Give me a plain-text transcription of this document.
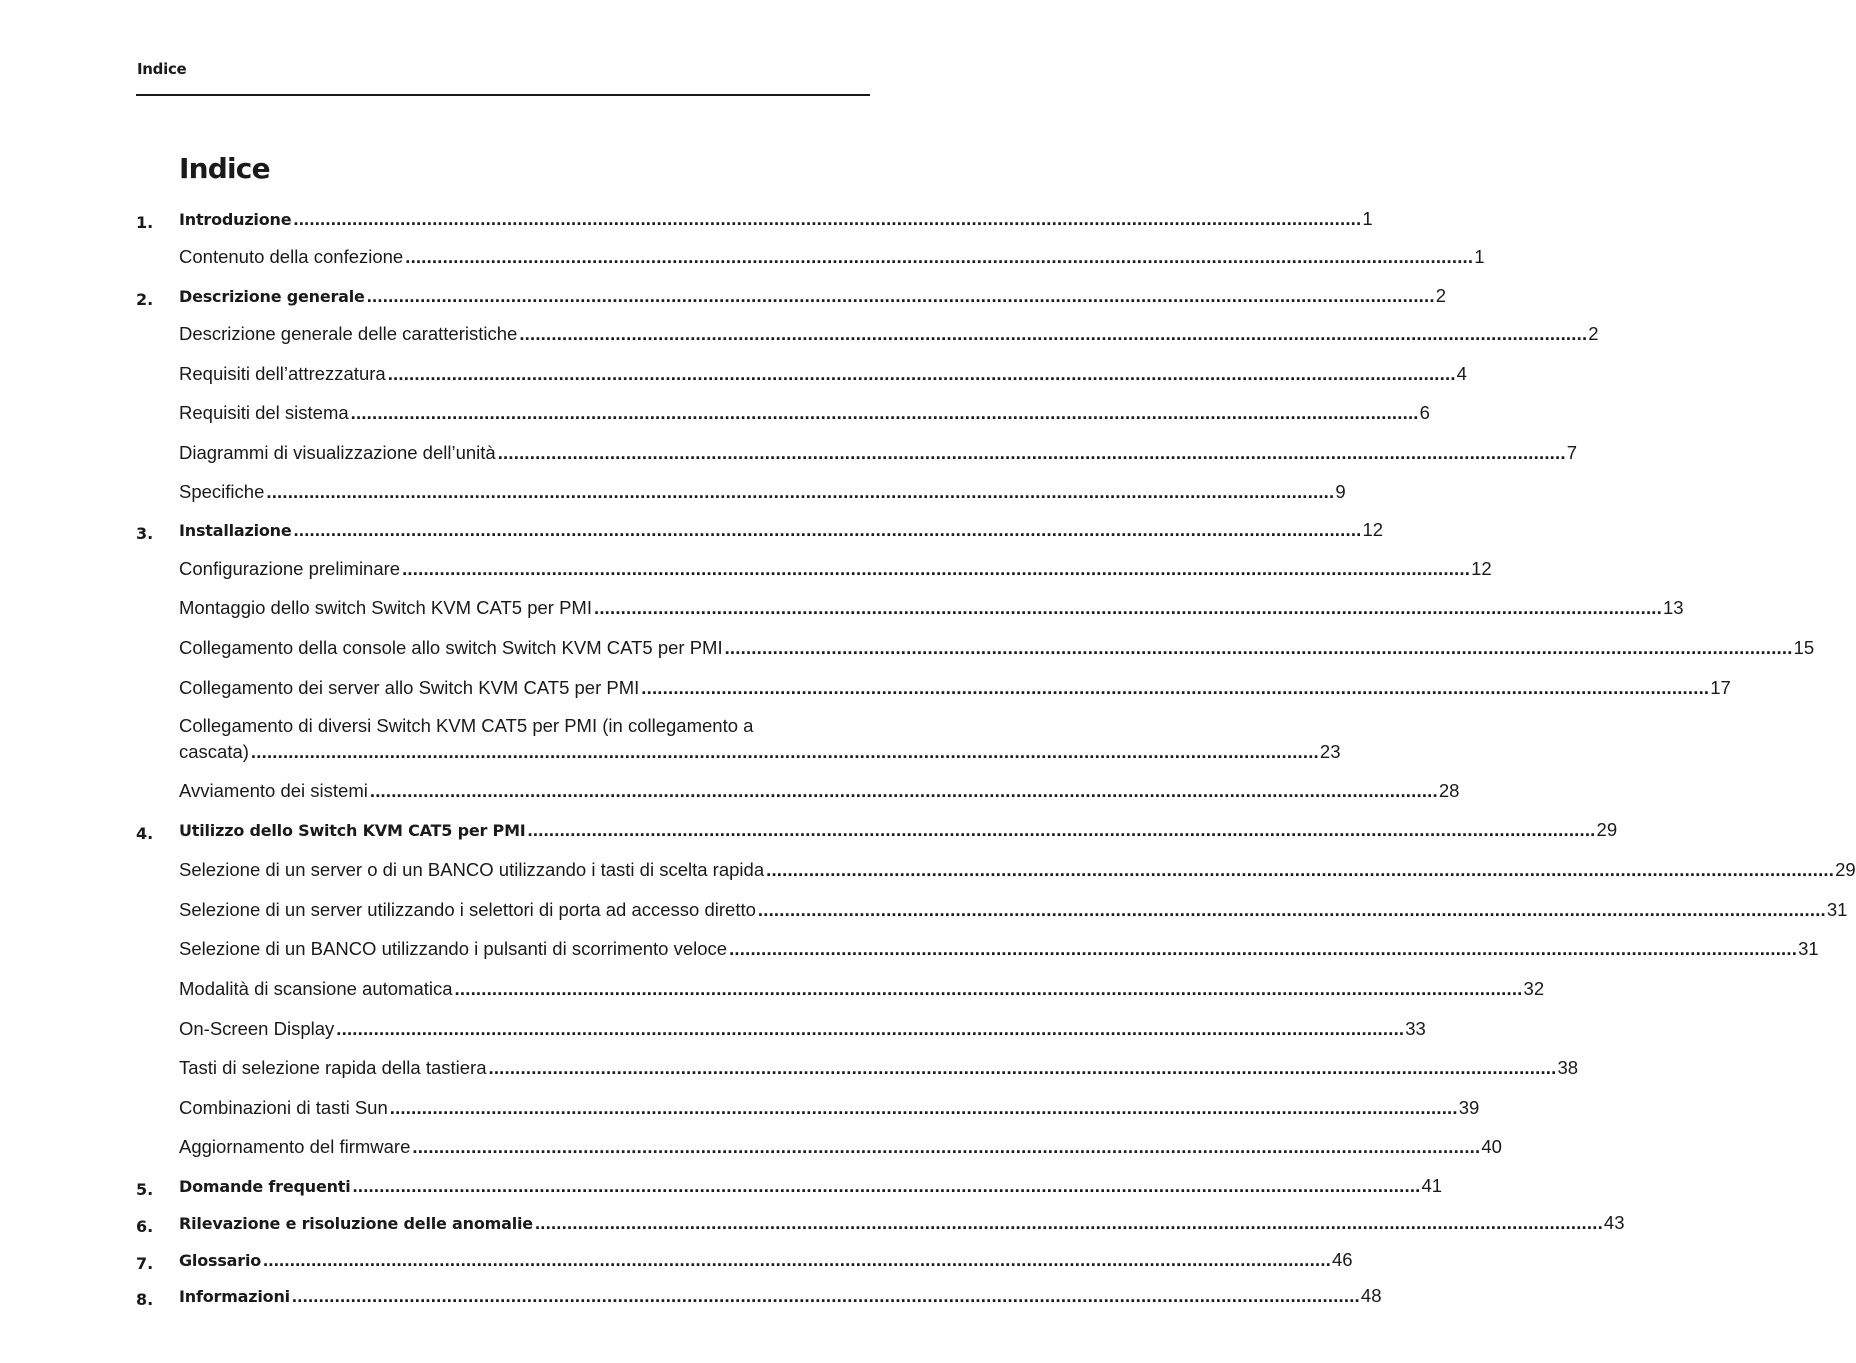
Indice
Indice
1. Introduzione ........................................................................................................................................................................................................ 1
Contenuto della confezione ........................................................................................................................................................................................................ 1
2. Descrizione generale ........................................................................................................................................................................................................ 2
Descrizione generale delle caratteristiche ........................................................................................................................................................................................................ 2
Requisiti dell’attrezzatura ........................................................................................................................................................................................................ 4
Requisiti del sistema ........................................................................................................................................................................................................ 6
Diagrammi di visualizzazione dell’unità ........................................................................................................................................................................................................ 7
Specifiche ........................................................................................................................................................................................................ 9
3. Installazione ........................................................................................................................................................................................................ 12
Configurazione preliminare ........................................................................................................................................................................................................ 12
Montaggio dello switch Switch KVM CAT5 per PMI ........................................................................................................................................................................................................ 13
Collegamento della console allo switch Switch KVM CAT5 per PMI ........................................................................................................................................................................................................ 15
Collegamento dei server allo Switch KVM CAT5 per PMI ........................................................................................................................................................................................................ 17
Collegamento di diversi Switch KVM CAT5 per PMI (in collegamento a
cascata) ........................................................................................................................................................................................................ 23
Avviamento dei sistemi ........................................................................................................................................................................................................ 28
4. Utilizzo dello Switch KVM CAT5 per PMI ........................................................................................................................................................................................................ 29
Selezione di un server o di un BANCO utilizzando i tasti di scelta rapida ........................................................................................................................................................................................................ 29
Selezione di un server utilizzando i selettori di porta ad accesso diretto ........................................................................................................................................................................................................ 31
Selezione di un BANCO utilizzando i pulsanti di scorrimento veloce ........................................................................................................................................................................................................ 31
Modalità di scansione automatica ........................................................................................................................................................................................................ 32
On-Screen Display ........................................................................................................................................................................................................ 33
Tasti di selezione rapida della tastiera ........................................................................................................................................................................................................ 38
Combinazioni di tasti Sun ........................................................................................................................................................................................................ 39
Aggiornamento del firmware ........................................................................................................................................................................................................ 40
5. Domande frequenti ........................................................................................................................................................................................................ 41
6. Rilevazione e risoluzione delle anomalie ........................................................................................................................................................................................................ 43
7. Glossario ........................................................................................................................................................................................................ 46
8. Informazioni ........................................................................................................................................................................................................ 48
